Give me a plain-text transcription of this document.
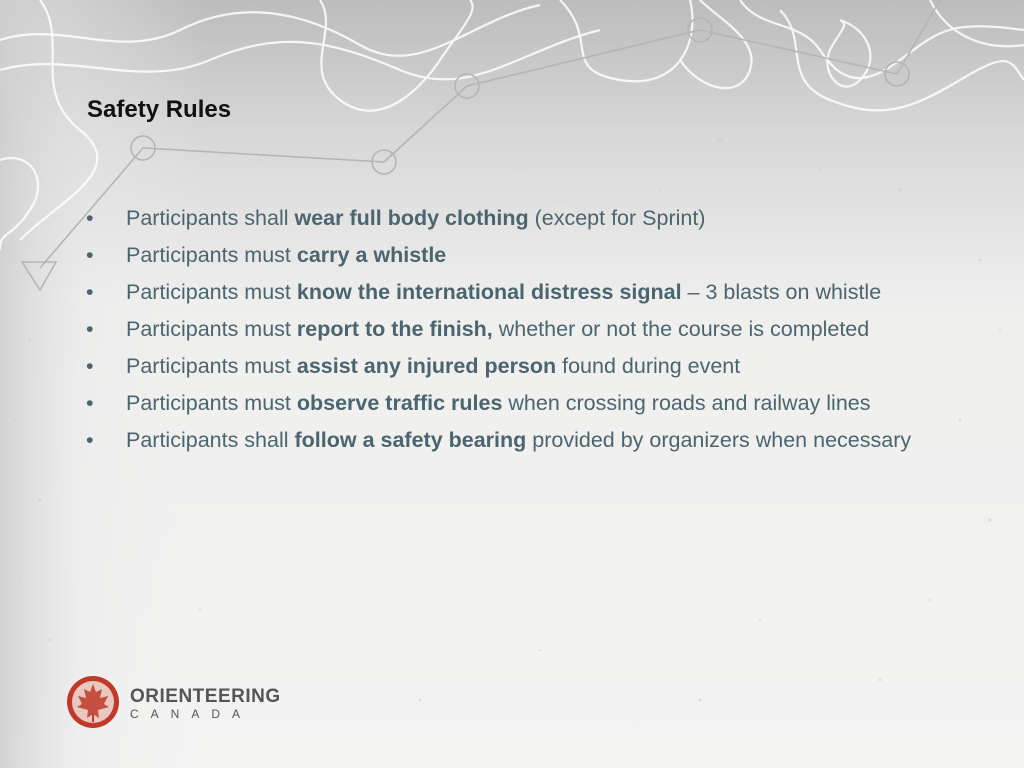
Safety Rules
• Participants shall wear full body clothing (except for Sprint)
• Participants must carry a whistle
• Participants must know the international distress signal – 3 blasts on whistle
• Participants must report to the finish, whether or not the course is completed
• Participants must assist any injured person found during event
• Participants must observe traffic rules when crossing roads and railway lines
• Participants shall follow a safety bearing provided by organizers when necessary
ORIENTEERING
CANADA
